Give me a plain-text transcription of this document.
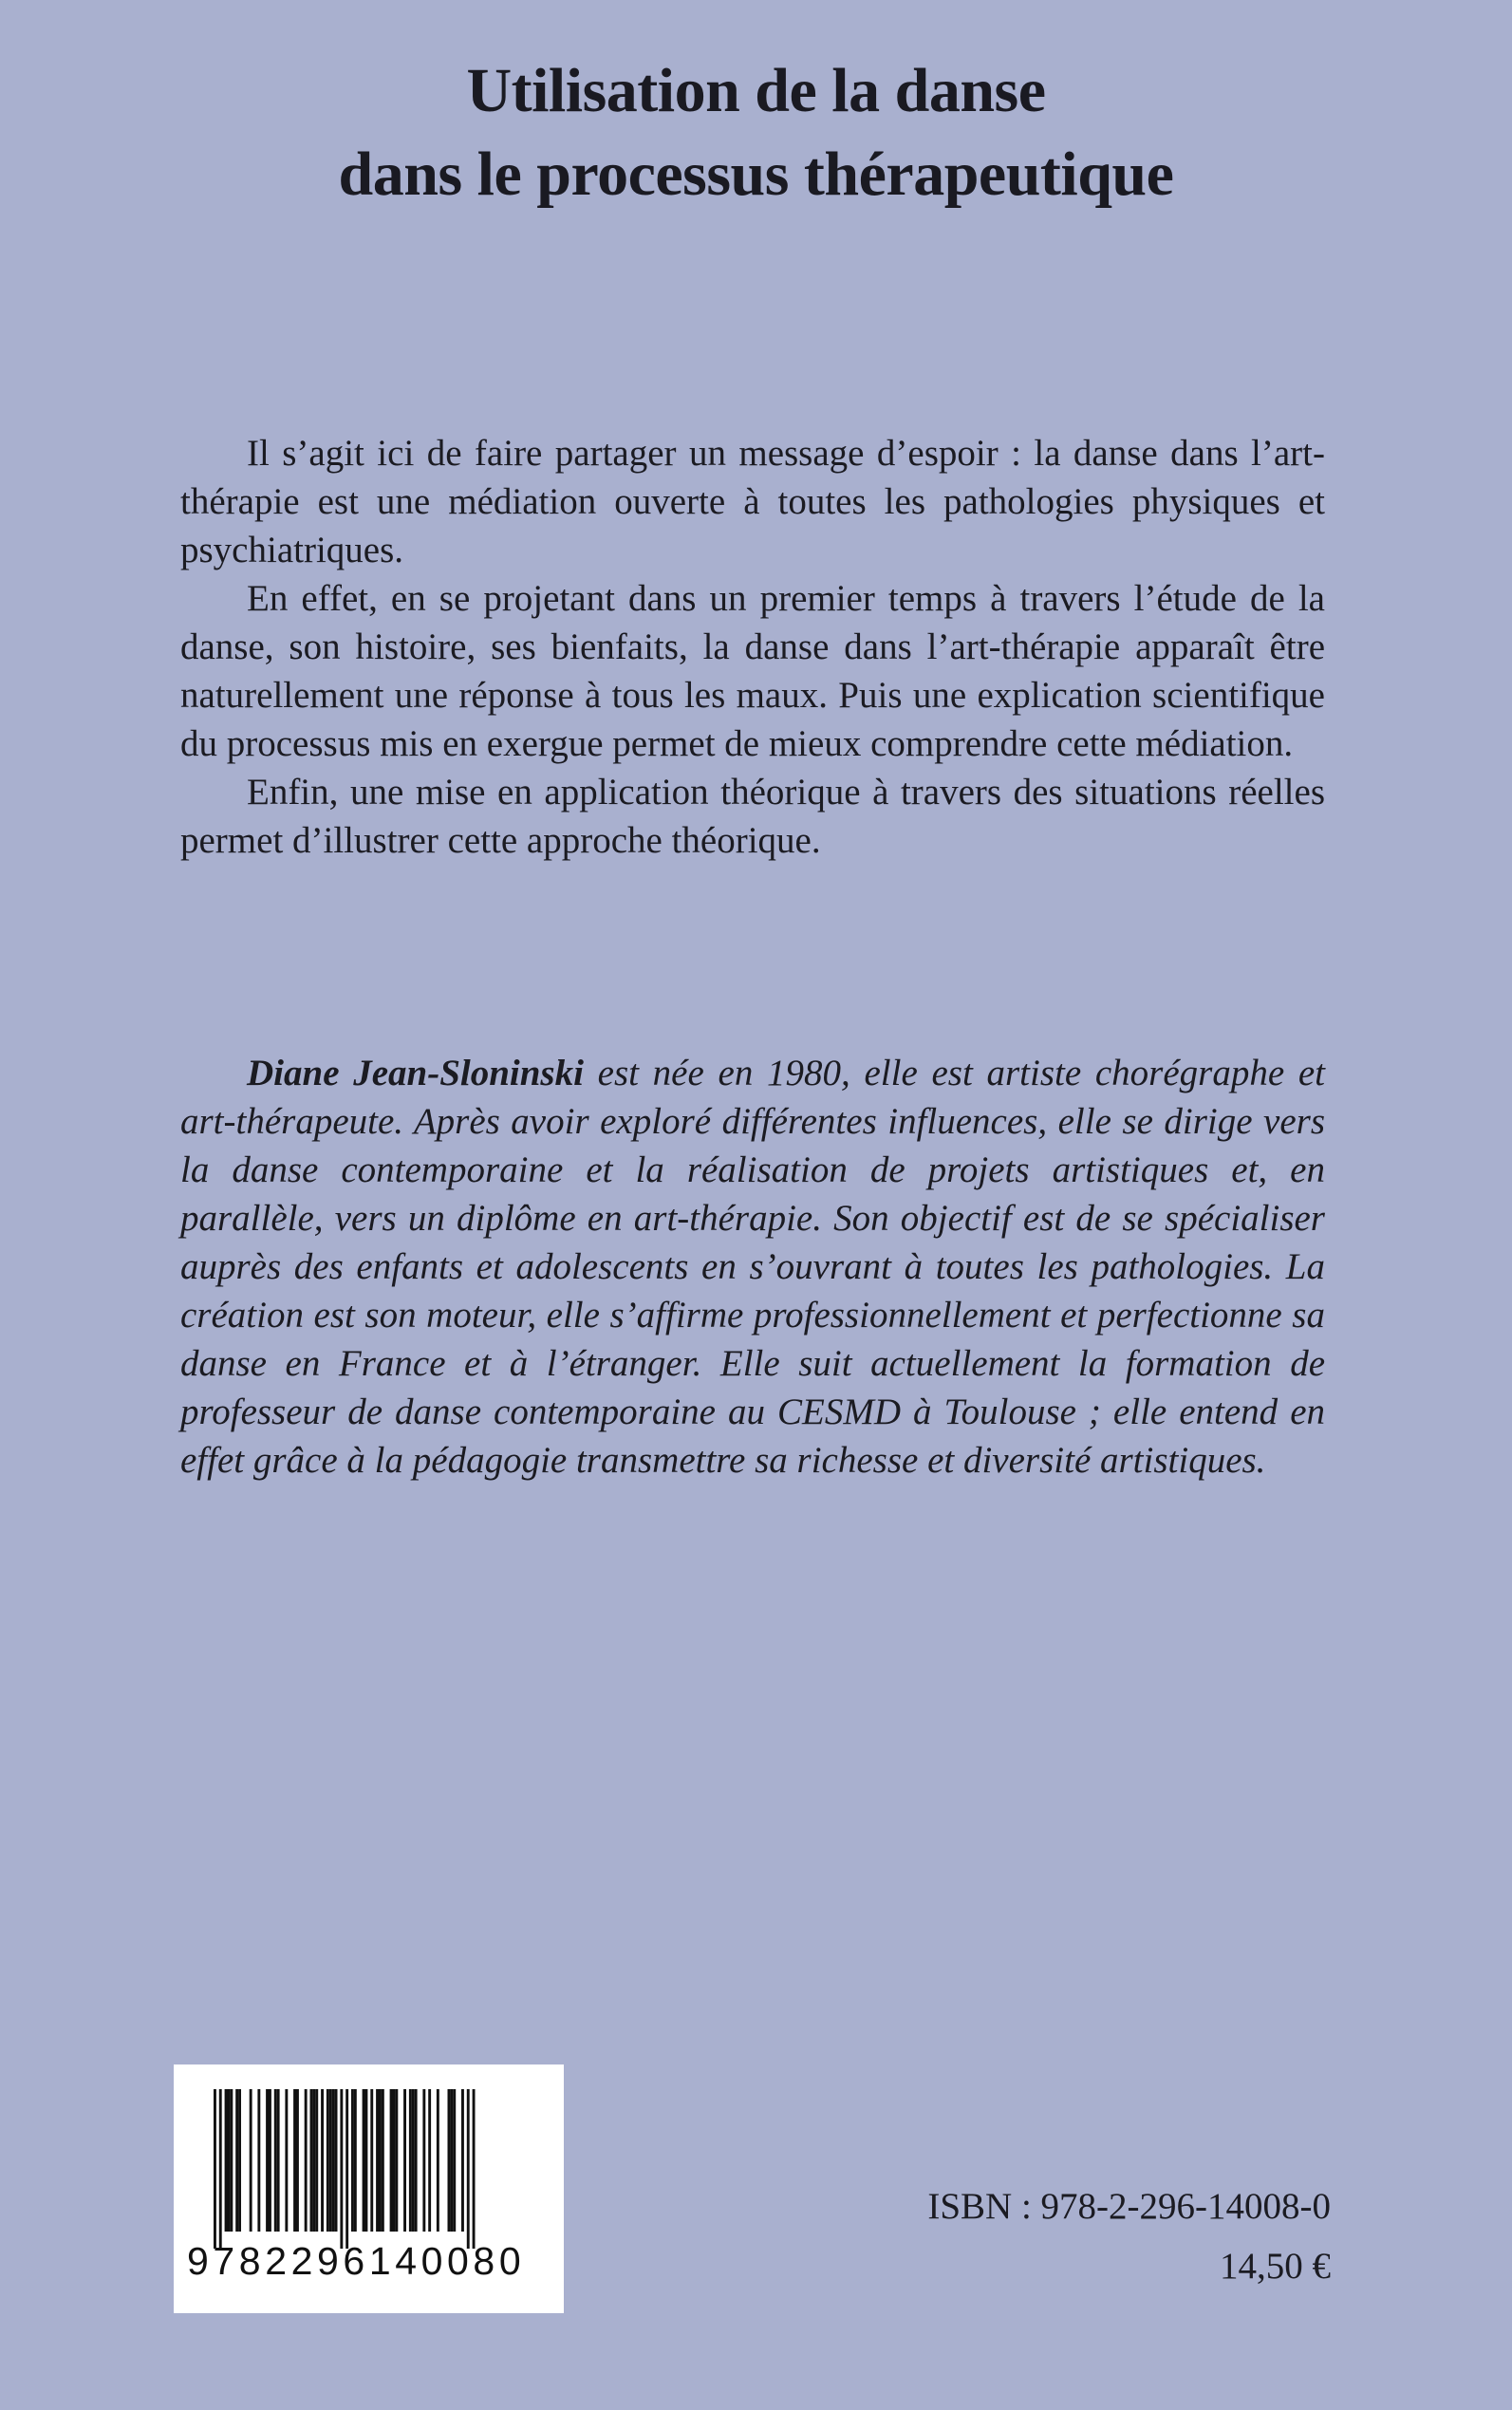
Utilisation de la danse
dans le processus thérapeutique

Il s’agit ici de faire partager un message d’espoir : la danse dans l’art-thérapie est une médiation ouverte à toutes les pathologies physiques et psychiatriques.

En effet, en se projetant dans un premier temps à travers l’étude de la danse, son histoire, ses bienfaits, la danse dans l’art-thérapie apparaît être naturellement une réponse à tous les maux. Puis une explication scientifique du processus mis en exergue permet de mieux comprendre cette médiation.

Enfin, une mise en application théorique à travers des situations réelles permet d’illustrer cette approche théorique.

Diane Jean-Sloninski est née en 1980, elle est artiste chorégraphe et art-thérapeute. Après avoir exploré différentes influences, elle se dirige vers la danse contemporaine et la réalisation de projets artistiques et, en parallèle, vers un diplôme en art-thérapie. Son objectif est de se spécialiser auprès des enfants et adolescents en s’ouvrant à toutes les pathologies. La création est son moteur, elle s’affirme professionnellement et perfectionne sa danse en France et à l’étranger. Elle suit actuellement la formation de professeur de danse contemporaine au CESMD à Toulouse ; elle entend en effet grâce à la pédagogie transmettre sa richesse et diversité artistiques.

9782296140080

ISBN : 978-2-296-14008-0

14,50 €
